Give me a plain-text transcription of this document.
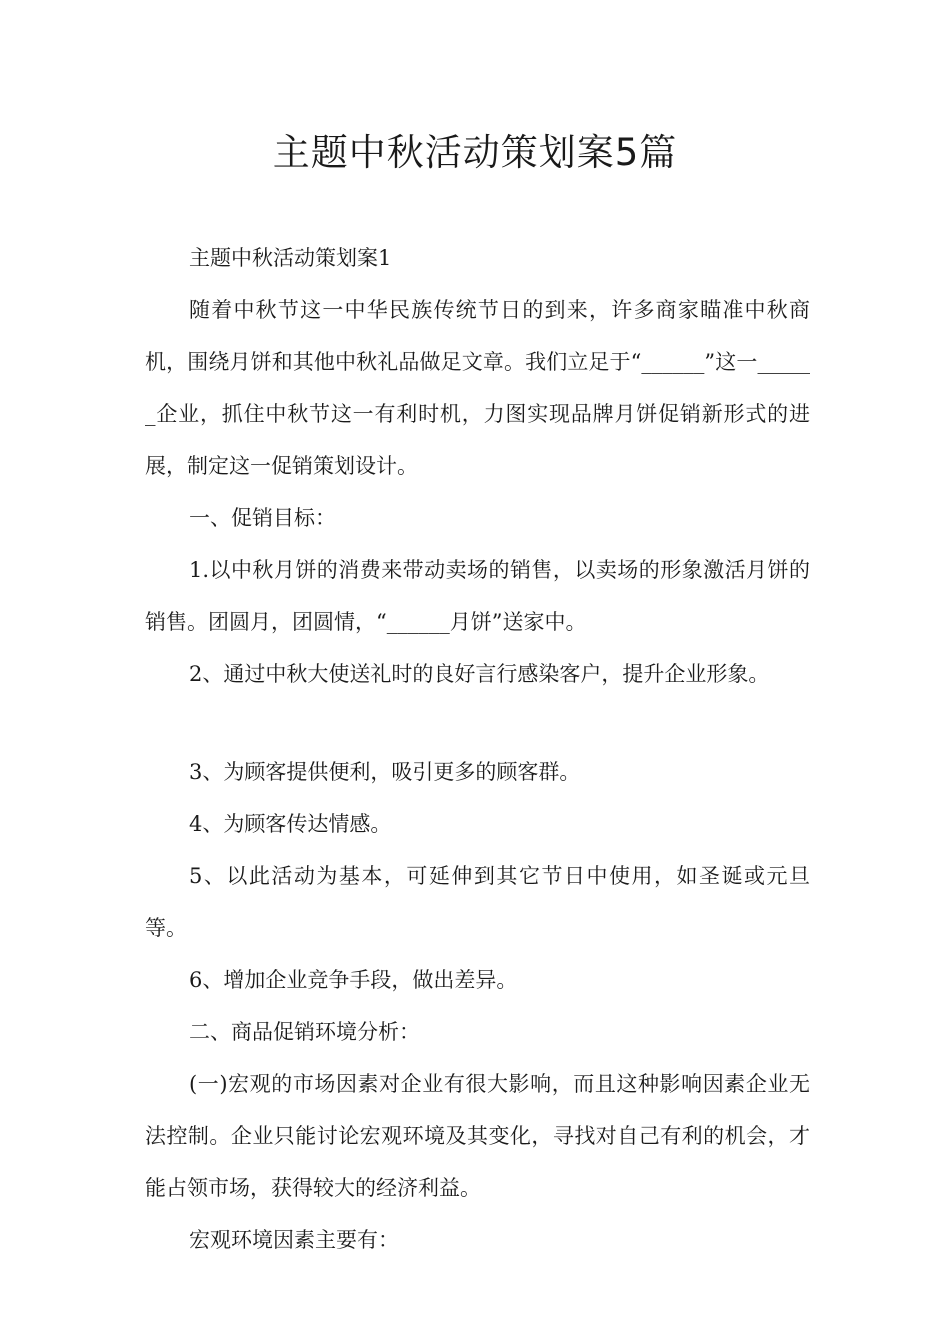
主题中秋活动策划案5篇

主题中秋活动策划案1

随着中秋节这一中华民族传统节日的到来，许多商家瞄准中秋商机，围绕月饼和其他中秋礼品做足文章。我们立足于“______”这一______企业，抓住中秋节这一有利时机，力图实现品牌月饼促销新形式的进展，制定这一促销策划设计。

一、促销目标：

1.以中秋月饼的消费来带动卖场的销售，以卖场的形象激活月饼的销售。团圆月，团圆情，“______月饼”送家中。

2、通过中秋大使送礼时的良好言行感染客户，提升企业形象。

3、为顾客提供便利，吸引更多的顾客群。

4、为顾客传达情感。

5、以此活动为基本，可延伸到其它节日中使用，如圣诞或元旦等。

6、增加企业竞争手段，做出差异。

二、商品促销环境分析：

(一)宏观的市场因素对企业有很大影响，而且这种影响因素企业无法控制。企业只能讨论宏观环境及其变化，寻找对自己有利的机会，才能占领市场，获得较大的经济利益。

宏观环境因素主要有：
